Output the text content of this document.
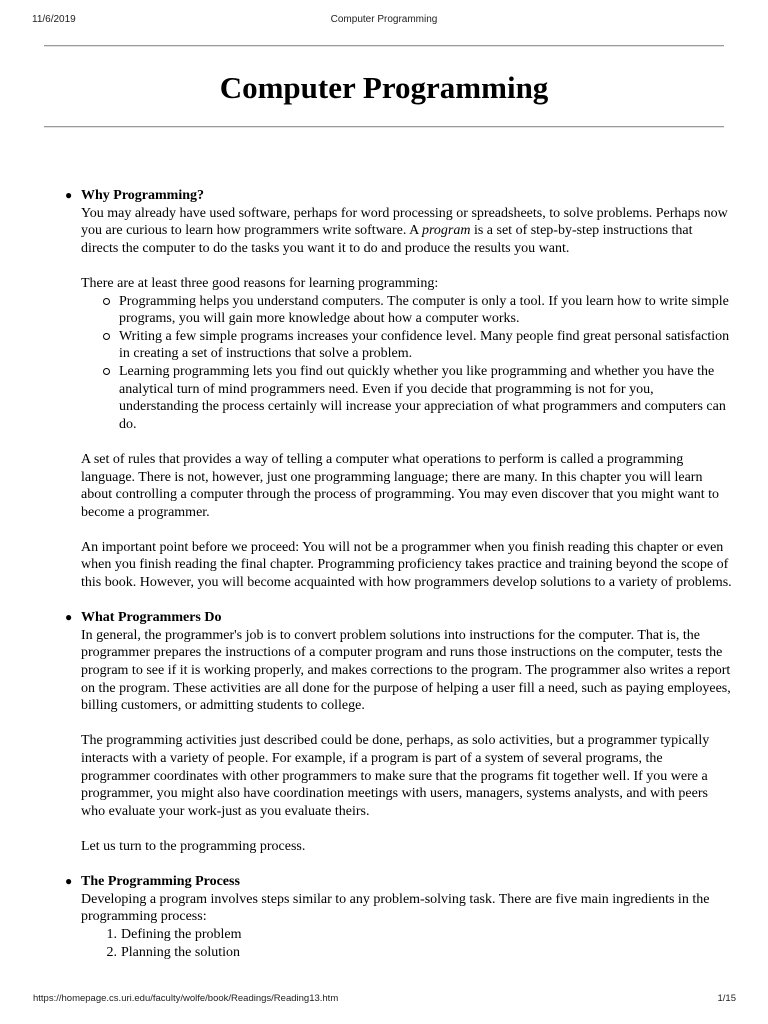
11/6/2019	Computer Programming
Computer Programming
● Why Programming?

You may already have used software, perhaps for word processing or spreadsheets, to solve problems. Perhaps now you are curious to learn how programmers write software. A program is a set of step-by-step instructions that directs the computer to do the tasks you want it to do and produce the results you want.

There are at least three good reasons for learning programming:

Programming helps you understand computers. The computer is only a tool. If you learn how to write simple programs, you will gain more knowledge about how a computer works.
Writing a few simple programs increases your confidence level. Many people find great personal satisfaction in creating a set of instructions that solve a problem.
Learning programming lets you find out quickly whether you like programming and whether you have the analytical turn of mind programmers need. Even if you decide that programming is not for you, understanding the process certainly will increase your appreciation of what programmers and computers can do.

A set of rules that provides a way of telling a computer what operations to perform is called a programming language. There is not, however, just one programming language; there are many. In this chapter you will learn about controlling a computer through the process of programming. You may even discover that you might want to become a programmer.

An important point before we proceed: You will not be a programmer when you finish reading this chapter or even when you finish reading the final chapter. Programming proficiency takes practice and training beyond the scope of this book. However, you will become acquainted with how programmers develop solutions to a variety of problems.

● What Programmers Do

In general, the programmer's job is to convert problem solutions into instructions for the computer. That is, the programmer prepares the instructions of a computer program and runs those instructions on the computer, tests the program to see if it is working properly, and makes corrections to the program. The programmer also writes a report on the program. These activities are all done for the purpose of helping a user fill a need, such as paying employees, billing customers, or admitting students to college.

The programming activities just described could be done, perhaps, as solo activities, but a programmer typically interacts with a variety of people. For example, if a program is part of a system of several programs, the programmer coordinates with other programmers to make sure that the programs fit together well. If you were a programmer, you might also have coordination meetings with users, managers, systems analysts, and with peers who evaluate your work-just as you evaluate theirs.

Let us turn to the programming process.

● The Programming Process

Developing a program involves steps similar to any problem-solving task. There are five main ingredients in the programming process:

1. Defining the problem
2. Planning the solution
https://homepage.cs.uri.edu/faculty/wolfe/book/Readings/Reading13.htm	1/15
